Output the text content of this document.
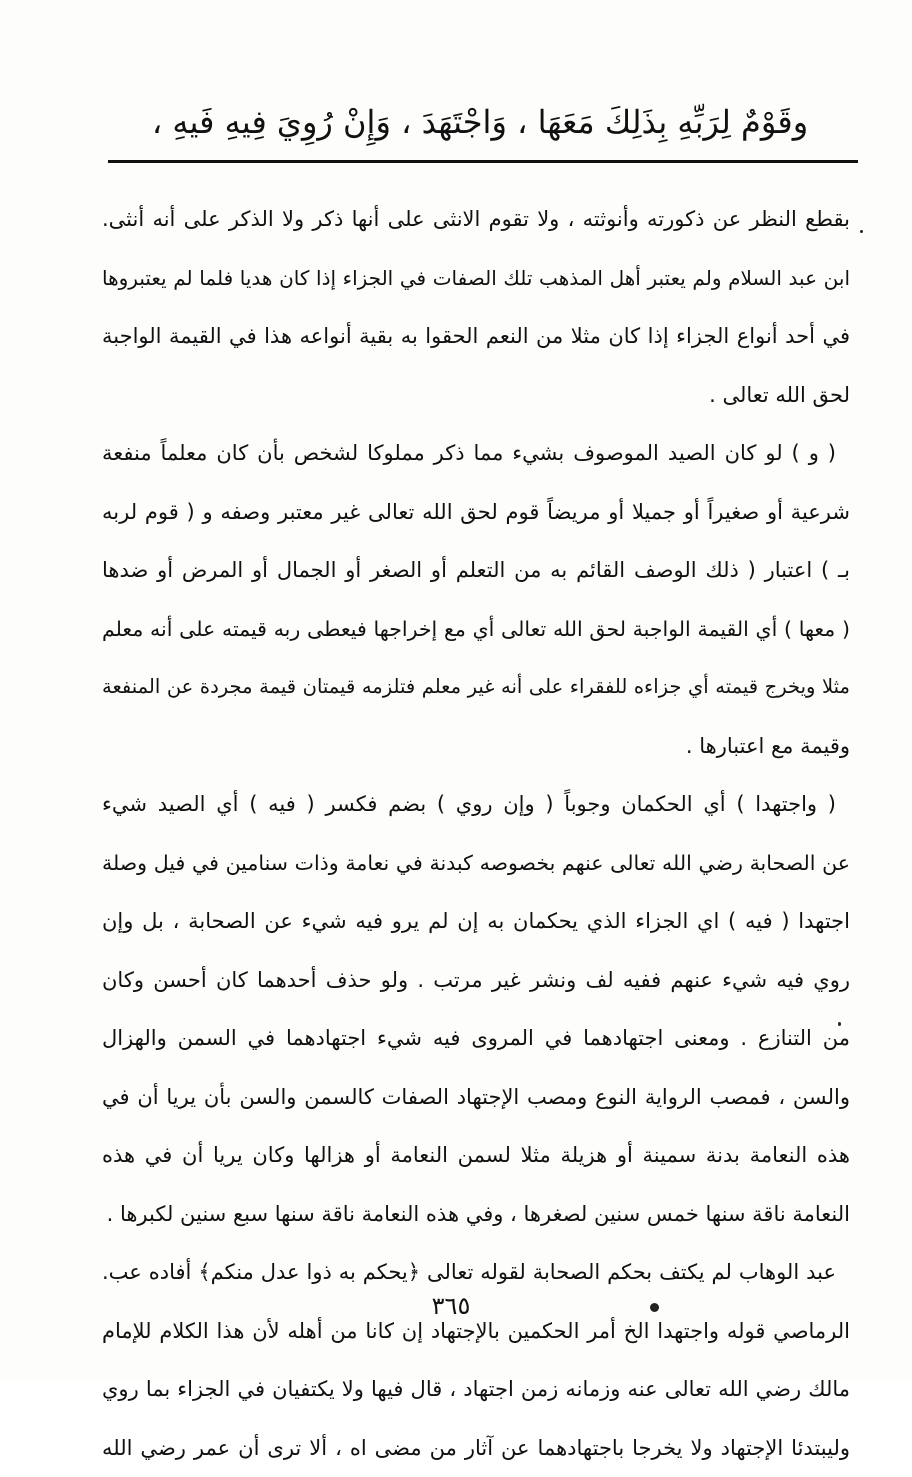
وقَوْمٌ لِرَبِّهِ بِذَلِكَ مَعَهَا ، وَاجْتَهَدَ ، وَإِنْ رُوِيَ فِيهِ فَيهِ ،
بقطع النظر عن ذكورته وأنوثته ، ولا تقوم الانثى على أنها ذكر ولا الذكر على أنه أنثى.
ابن عبد السلام ولم يعتبر أهل المذهب تلك الصفات في الجزاء إذا كان هديا فلما لم يعتبروها
في أحد أنواع الجزاء إذا كان مثلا من النعم الحقوا به بقية أنواعه هذا في القيمة الواجبة
لحق الله تعالى .
( و ) لو كان الصيد الموصوف بشيء مما ذكر مملوكا لشخص بأن كان معلماً منفعة
شرعية أو صغيراً أو جميلا أو مريضاً قوم لحق الله تعالى غير معتبر وصفه و ( قوم لربه
بـ ) اعتبار ( ذلك الوصف القائم به من التعلم أو الصغر أو الجمال أو المرض أو ضدها
( معها ) أي القيمة الواجبة لحق الله تعالى أي مع إخراجها فيعطى ربه قيمته على أنه معلم
مثلا ويخرج قيمته أي جزاءه للفقراء على أنه غير معلم فتلزمه قيمتان قيمة مجردة عن المنفعة
وقيمة مع اعتبارها .
( واجتهدا ) أي الحكمان وجوباً ( وإن روي ) بضم فكسر ( فيه ) أي الصيد شيء
عن الصحابة رضي الله تعالى عنهم بخصوصه كبدنة في نعامة وذات سنامين في فيل وصلة
اجتهدا ( فيه ) اي الجزاء الذي يحكمان به إن لم يرو فيه شيء عن الصحابة ، بل وإن
روي فيه شيء عنهم ففيه لف ونشر غير مرتب . ولو حذف أحدهما كان أحسن وكان
من التنازع . ومعنى اجتهادهما في المروى فيه شيء اجتهادهما في السمن والهزال
والسن ، فمصب الرواية النوع ومصب الإجتهاد الصفات كالسمن والسن بأن يريا أن في
هذه النعامة بدنة سمينة أو هزيلة مثلا لسمن النعامة أو هزالها وكان يريا أن في هذه
النعامة ناقة سنها خمس سنين لصغرها ، وفي هذه النعامة ناقة سنها سبع سنين لكبرها .
عبد الوهاب لم يكتف بحكم الصحابة لقوله تعالى ﴿يحكم به ذوا عدل منكم﴾ أفاده عب.
الرماصي قوله واجتهدا الخ أمر الحكمين بالإجتهاد إن كانا من أهله لأن هذا الكلام للإمام
مالك رضي الله تعالى عنه وزمانه زمن اجتهاد ، قال فيها ولا يكتفيان في الجزاء بما روي
وليبتدئا الإجتهاد ولا يخرجا باجتهادهما عن آثار من مضى اه ، ألا ترى أن عمر رضي الله
٣٦٥
